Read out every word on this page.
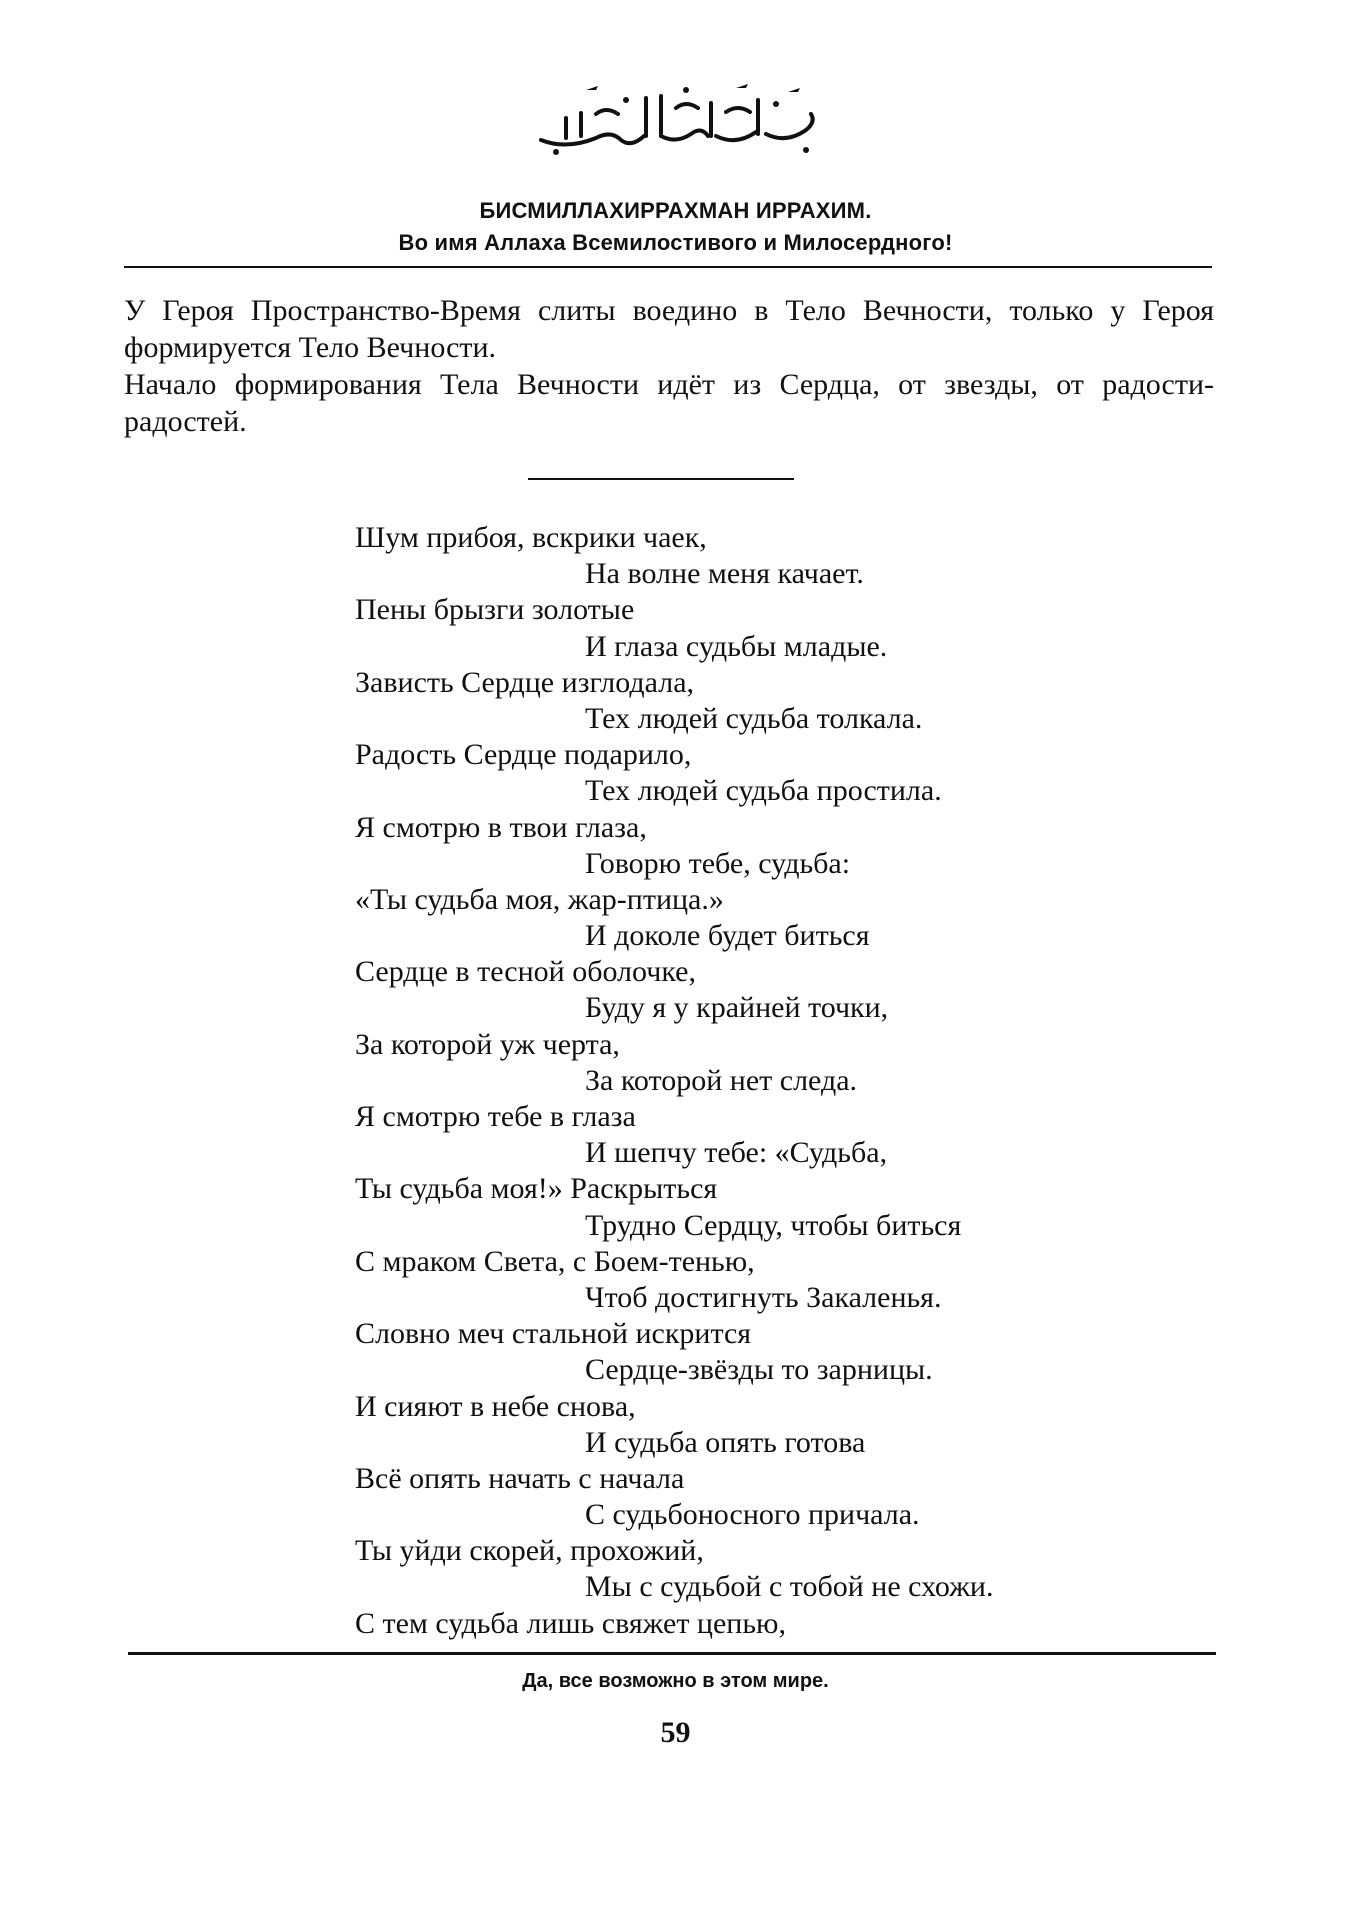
БИСМИЛЛАХИРРАХМАН ИРРАХИМ.
Во имя Аллаха Всемилостивого и Милосердного!

У Героя Пространство-Время слиты воедино в Тело Вечности, только у Героя формируется Тело Вечности.

Начало формирования Тела Вечности идёт из Сердца, от звезды, от радости-радостей.

Шум прибоя, вскрики чаек,
На волне меня качает.
Пены брызги золотые
И глаза судьбы младые.
Зависть Сердце изглодала,
Тех людей судьба толкала.
Радость Сердце подарило,
Тех людей судьба простила.
Я смотрю в твои глаза,
Говорю тебе, судьба:
«Ты судьба моя, жар-птица.»
И доколе будет биться
Сердце в тесной оболочке,
Буду я у крайней точки,
За которой уж черта,
За которой нет следа.
Я смотрю тебе в глаза
И шепчу тебе: «Судьба,
Ты судьба моя!» Раскрыться
Трудно Сердцу, чтобы биться
С мраком Света, с Боем-тенью,
Чтоб достигнуть Закаленья.
Словно меч стальной искрится
Сердце-звёзды то зарницы.
И сияют в небе снова,
И судьба опять готова
Всё опять начать с начала
С судьбоносного причала.
Ты уйди скорей, прохожий,
Мы с судьбой с тобой не схожи.
С тем судьба лишь свяжет цепью,
Да, все возможно в этом мире.
59
